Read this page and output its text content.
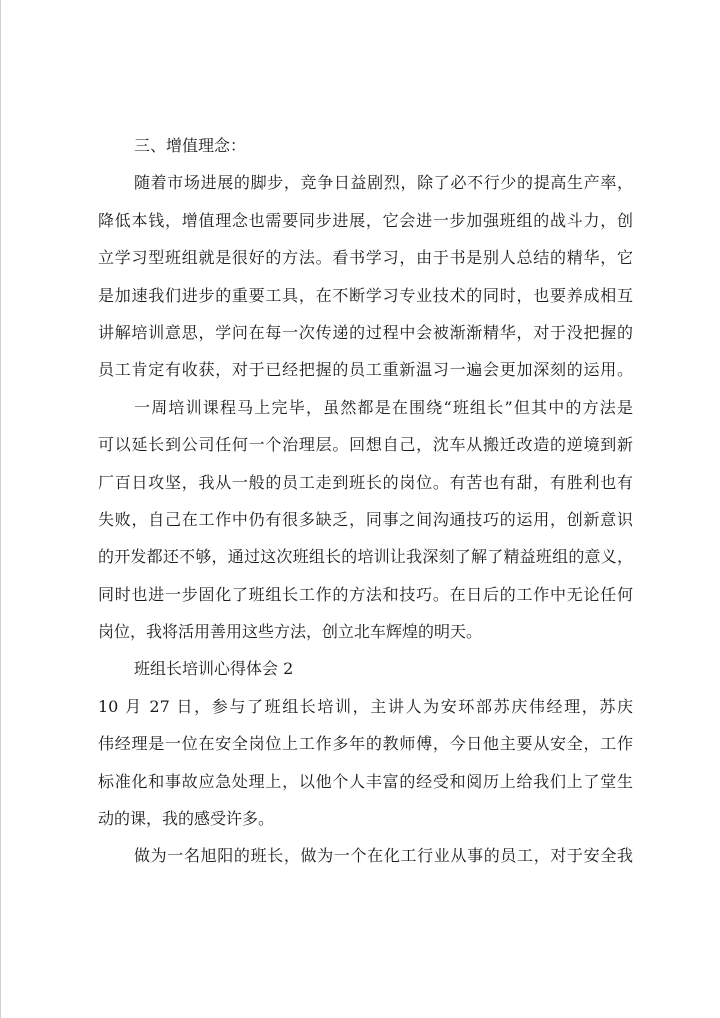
三、增值理念：
随着市场进展的脚步，竞争日益剧烈，除了必不行少的提高生产率，
降低本钱，增值理念也需要同步进展，它会进一步加强班组的战斗力，创
立学习型班组就是很好的方法。看书学习，由于书是别人总结的精华，它
是加速我们进步的重要工具，在不断学习专业技术的同时，也要养成相互
讲解培训意思，学问在每一次传递的过程中会被渐渐精华，对于没把握的
员工肯定有收获，对于已经把握的员工重新温习一遍会更加深刻的运用。
一周培训课程马上完毕，虽然都是在围绕“班组长”但其中的方法是
可以延长到公司任何一个治理层。回想自己，沈车从搬迁改造的逆境到新
厂百日攻坚，我从一般的员工走到班长的岗位。有苦也有甜，有胜利也有
失败，自己在工作中仍有很多缺乏，同事之间沟通技巧的运用，创新意识
的开发都还不够，通过这次班组长的培训让我深刻了解了精益班组的意义，
同时也进一步固化了班组长工作的方法和技巧。在日后的工作中无论任何
岗位，我将活用善用这些方法，创立北车辉煌的明天。
班组长培训心得体会 2
10 月 27 日，参与了班组长培训，主讲人为安环部苏庆伟经理，苏庆
伟经理是一位在安全岗位上工作多年的教师傅，今日他主要从安全，工作
标准化和事故应急处理上，以他个人丰富的经受和阅历上给我们上了堂生
动的课，我的感受许多。
做为一名旭阳的班长，做为一个在化工行业从事的员工，对于安全我
